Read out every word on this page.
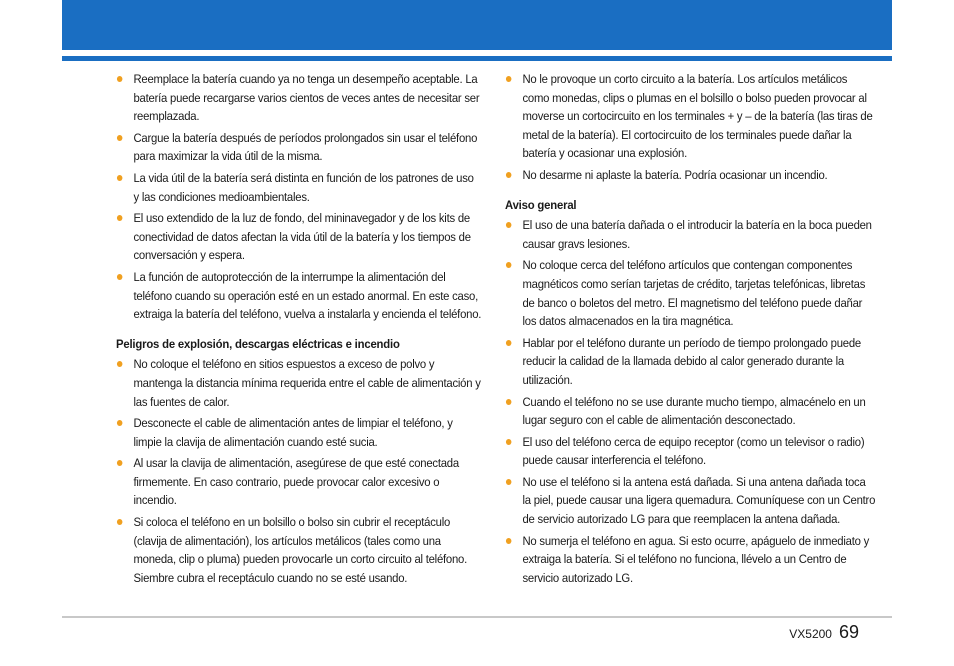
Reemplace la batería cuando ya no tenga un desempeño aceptable. La batería puede recargarse varios cientos de veces antes de necesitar ser reemplazada.
Cargue la batería después de períodos prolongados sin usar el teléfono para maximizar la vida útil de la misma.
La vida útil de la batería será distinta en función de los patrones de uso y las condiciones medioambientales.
El uso extendido de la luz de fondo, del mininavegador y de los kits de conectividad de datos afectan la vida útil de la batería y los tiempos de conversación y espera.
La función de autoprotección de la interrumpe la alimentación del teléfono cuando su operación esté en un estado anormal. En este caso, extraiga la batería del teléfono, vuelva a instalarla y encienda el teléfono.
Peligros de explosión, descargas eléctricas e incendio
No coloque el teléfono en sitios espuestos a exceso de polvo y mantenga la distancia mínima requerida entre el cable de alimentación y las fuentes de calor.
Desconecte el cable de alimentación antes de limpiar el teléfono, y limpie la clavija de alimentación cuando esté sucia.
Al usar la clavija de alimentación, asegúrese de que esté conectada firmemente. En caso contrario, puede provocar calor excesivo o incendio.
Si coloca el teléfono en un bolsillo o bolso sin cubrir el receptáculo (clavija de alimentación), los artículos metálicos (tales como una moneda, clip o pluma) pueden provocarle un corto circuito al teléfono. Siembre cubra el receptáculo cuando no se esté usando.
No le provoque un corto circuito a la batería. Los artículos metálicos como monedas, clips o plumas en el bolsillo o bolso pueden provocar al moverse un cortocircuito en los terminales + y – de la batería (las tiras de metal de la batería). El cortocircuito de los terminales puede dañar la batería y ocasionar una explosión.
No desarme ni aplaste la batería. Podría ocasionar un incendio.
Aviso general
El uso de una batería dañada o el introducir la batería en la boca pueden causar gravs lesiones.
No coloque cerca del teléfono artículos que contengan componentes magnéticos como serían tarjetas de crédito, tarjetas telefónicas, libretas de banco o boletos del metro. El magnetismo del teléfono puede dañar los datos almacenados en la tira magnética.
Hablar por el teléfono durante un período de tiempo prolongado puede reducir la calidad de la llamada debido al calor generado durante la utilización.
Cuando el teléfono no se use durante mucho tiempo, almacénelo en un lugar seguro con el cable de alimentación desconectado.
El uso del teléfono cerca de equipo receptor (como un televisor o radio) puede causar interferencia el teléfono.
No use el teléfono si la antena está dañada. Si una antena dañada toca la piel, puede causar una ligera quemadura. Comuníquese con un Centro de servicio autorizado LG para que reemplacen la antena dañada.
No sumerja el teléfono en agua. Si esto ocurre, apáguelo de inmediato y extraiga la batería. Si el teléfono no funciona, llévelo a un Centro de servicio autorizado LG.
VX5200 69
